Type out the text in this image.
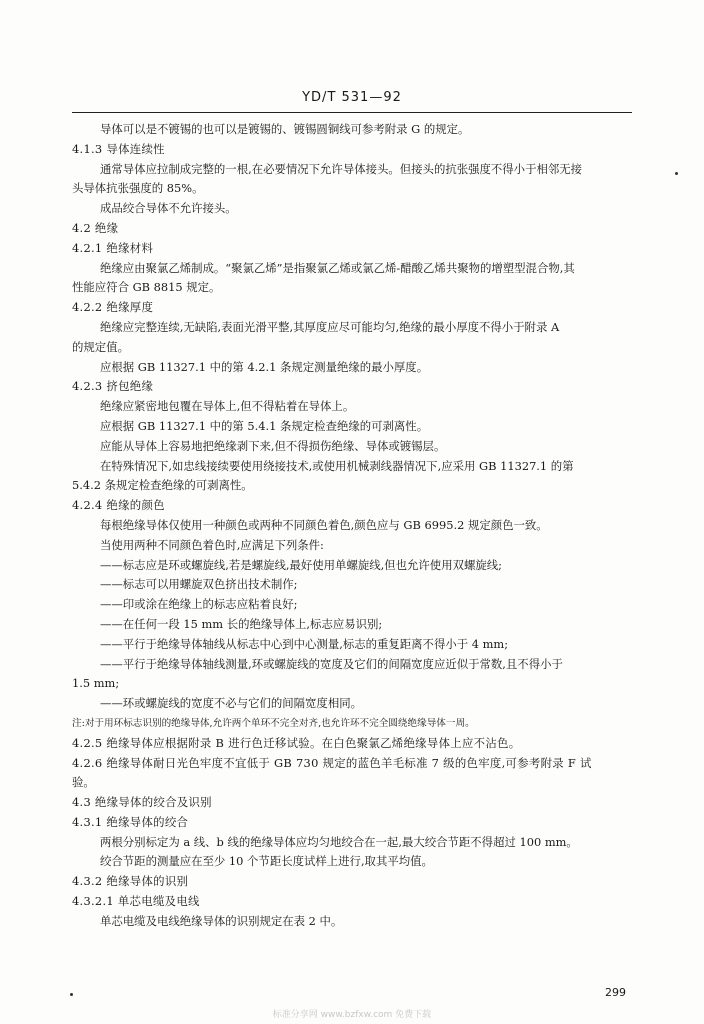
YD/T 531—92
导体可以是不镀锡的也可以是镀锡的、镀锡圆铜线可参考附录 G 的规定。
4.1.3 导体连续性
通常导体应拉制成完整的一根,在必要情况下允许导体接头。但接头的抗张强度不得小于相邻无接
头导体抗张强度的 85%。
成品绞合导体不允许接头。
4.2 绝缘
4.2.1 绝缘材料
绝缘应由聚氯乙烯制成。“聚氯乙烯”是指聚氯乙烯或氯乙烯-醋酸乙烯共聚物的增塑型混合物,其
性能应符合 GB 8815 规定。
4.2.2 绝缘厚度
绝缘应完整连续,无缺陷,表面光滑平整,其厚度应尽可能均匀,绝缘的最小厚度不得小于附录 A
的规定值。
应根据 GB 11327.1 中的第 4.2.1 条规定测量绝缘的最小厚度。
4.2.3 挤包绝缘
绝缘应紧密地包覆在导体上,但不得粘着在导体上。
应根据 GB 11327.1 中的第 5.4.1 条规定检查绝缘的可剥离性。
应能从导体上容易地把绝缘剥下来,但不得损伤绝缘、导体或镀锡层。
在特殊情况下,如忠线接续要使用绕接技术,或使用机械剥线器情况下,应采用 GB 11327.1 的第
5.4.2 条规定检查绝缘的可剥离性。
4.2.4 绝缘的颜色
每根绝缘导体仅使用一种颜色或两种不同颜色着色,颜色应与 GB 6995.2 规定颜色一致。
当使用两种不同颜色着色时,应满足下列条件:
——标志应是环或螺旋线,若是螺旋线,最好使用单螺旋线,但也允许使用双螺旋线;
——标志可以用螺旋双色挤出技术制作;
——印或涂在绝缘上的标志应粘着良好;
——在任何一段 15 mm 长的绝缘导体上,标志应易识别;
——平行于绝缘导体轴线从标志中心到中心测量,标志的重复距离不得小于 4 mm;
——平行于绝缘导体轴线测量,环或螺旋线的宽度及它们的间隔宽度应近似于常数,且不得小于
1.5 mm;
——环或螺旋线的宽度不必与它们的间隔宽度相同。
注:对于用环标志识别的绝缘导体,允许两个单环不完全对齐,也允许环不完全圆绕绝缘导体一周。
4.2.5 绝缘导体应根据附录 B 进行色迁移试验。在白色聚氯乙烯绝缘导体上应不沾色。
4.2.6 绝缘导体耐日光色牢度不宜低于 GB 730 规定的蓝色羊毛标准 7 级的色牢度,可参考附录 F 试
验。
4.3 绝缘导体的绞合及识别
4.3.1 绝缘导体的绞合
两根分别标定为 a 线、b 线的绝缘导体应均匀地绞合在一起,最大绞合节距不得超过 100 mm。
绞合节距的测量应在至少 10 个节距长度试样上进行,取其平均值。
4.3.2 绝缘导体的识别
4.3.2.1 单芯电缆及电线
单芯电缆及电线绝缘导体的识别规定在表 2 中。
299
标准分享网 www.bzfxw.com 免费下载
